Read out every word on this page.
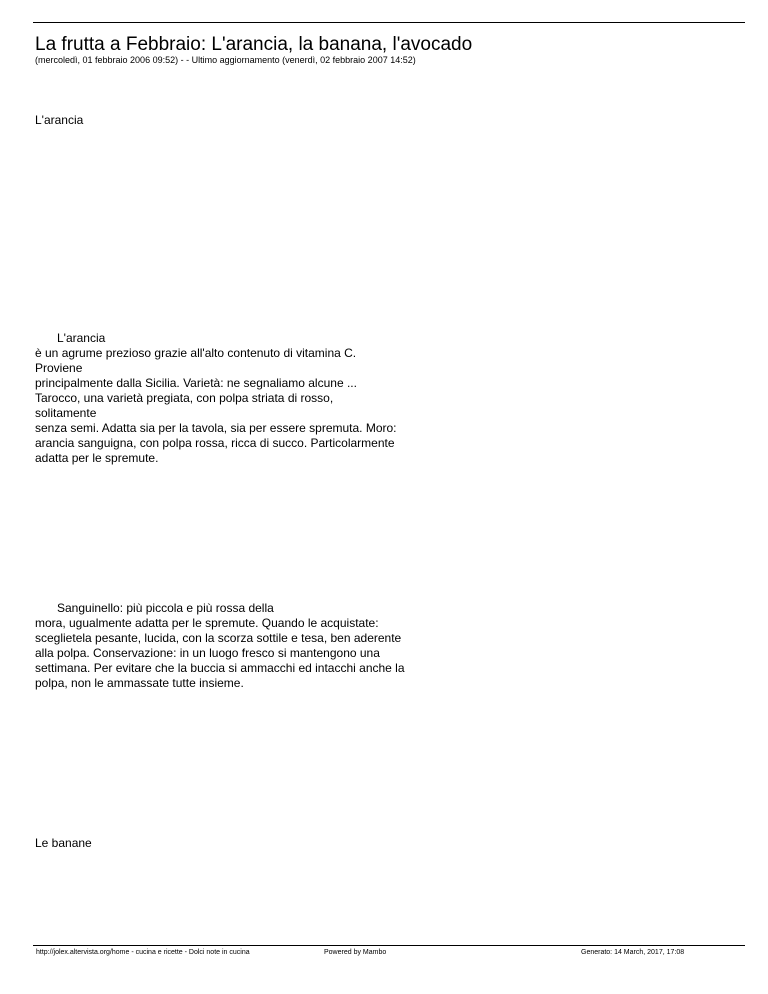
La frutta a Febbraio: L'arancia, la banana, l'avocado
(mercoledì, 01 febbraio 2006 09:52) - - Ultimo aggiornamento (venerdì, 02 febbraio 2007 14:52)
L'arancia
L'arancia
è un agrume prezioso grazie all'alto contenuto di vitamina C.
Proviene
principalmente dalla Sicilia. Varietà: ne segnaliamo alcune ...
Tarocco, una varietà pregiata, con polpa striata di rosso,
solitamente
senza semi. Adatta sia per la tavola, sia per essere spremuta. Moro:
arancia sanguigna, con polpa rossa, ricca di succo. Particolarmente
adatta per le spremute.
Sanguinello: più piccola e più rossa della
mora, ugualmente adatta per le spremute. Quando le acquistate:
sceglietela pesante, lucida, con la scorza sottile e tesa, ben aderente
alla polpa. Conservazione: in un luogo fresco si mantengono una
settimana. Per evitare che la buccia si ammacchi ed intacchi anche la
polpa, non le ammassate tutte insieme.
Le banane
http://jolex.altervista.org/home - cucina e ricette - Dolci note in cucina	Powered by Mambo	Generato: 14 March, 2017, 17:08
